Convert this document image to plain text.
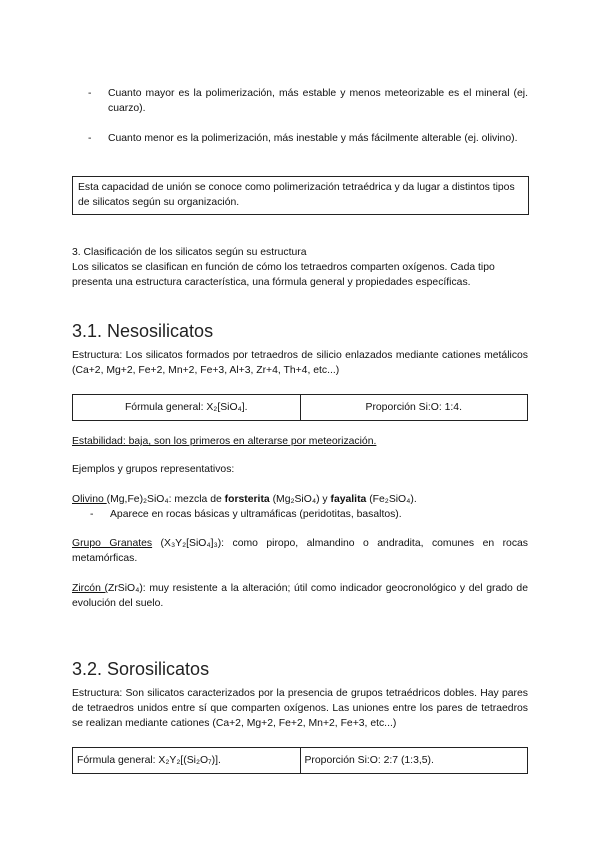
-	Cuanto mayor es la polimerización, más estable y menos meteorizable es el mineral (ej. cuarzo).
-	Cuanto menor es la polimerización, más inestable y más fácilmente alterable (ej. olivino).
Esta capacidad de unión se conoce como polimerización tetraédrica y da lugar a distintos tipos de silicatos según su organización.
3. Clasificación de los silicatos según su estructura
Los silicatos se clasifican en función de cómo los tetraedros comparten oxígenos. Cada tipo presenta una estructura característica, una fórmula general y propiedades específicas.
3.1. Nesosilicatos
Estructura: Los silicatos formados por tetraedros de silicio enlazados mediante cationes metálicos (Ca+2, Mg+2, Fe+2, Mn+2, Fe+3, Al+3, Zr+4, Th+4, etc...)
Fórmula general: X₂[SiO₄].	Proporción Si:O: 1:4.
Estabilidad: baja, son los primeros en alterarse por meteorización.
Ejemplos y grupos representativos:
Olivino (Mg,Fe)₂SiO₄: mezcla de forsterita (Mg₂SiO₄) y fayalita (Fe₂SiO₄).
-	Aparece en rocas básicas y ultramáficas (peridotitas, basaltos).
Grupo Granates (X₃Y₂[SiO₄]₃): como piropo, almandino o andradita, comunes en rocas metamórficas.
Zircón (ZrSiO₄): muy resistente a la alteración; útil como indicador geocronológico y del grado de evolución del suelo.
3.2. Sorosilicatos
Estructura: Son silicatos caracterizados por la presencia de grupos tetraédricos dobles. Hay pares de tetraedros unidos entre sí que comparten oxígenos. Las uniones entre los pares de tetraedros se realizan mediante cationes (Ca+2, Mg+2, Fe+2, Mn+2, Fe+3, etc...)
Fórmula general: X₂Y₂[(Si₂O₇)].	Proporción Si:O: 2:7 (1:3,5).
